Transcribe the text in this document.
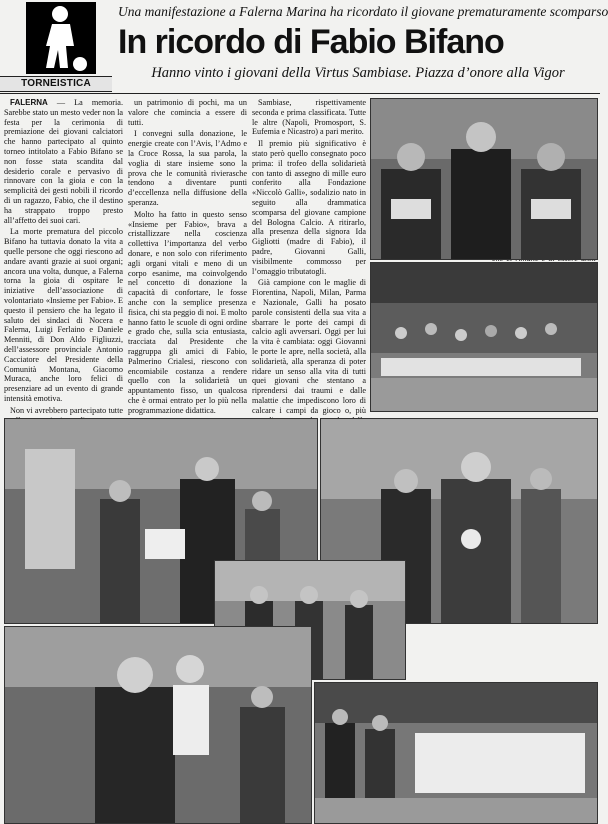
TORNEISTICA
Una manifestazione a Falerna Marina ha ricordato il giovane prematuramente scomparso
In ricordo di Fabio Bifano
Hanno vinto i giovani della Virtus Sambiase. Piazza d’onore alla Vigor

FALERNA — La memoria. Sarebbe stato un mesto veder non la festa per la cerimonia di premiazione dei giovani calciatori che hanno partecipato al quinto torneo intitolato a Fabio Bifano se non fosse stata scandita dal desiderio corale e pervasivo di rinnovare con la gioia e con la semplicità dei gesti nobili il ricordo di un ragazzo, Fabio, che il destino ha strappato troppo presto all’affetto dei suoi cari.

La morte prematura del piccolo Bifano ha tuttavia donato la vita a quelle persone che oggi riescono ad andare avanti grazie ai suoi organi; ancora una volta, dunque, a Falerna torna la gioia di ospitare le iniziative dell’associazione di volontariato «Insieme per Fabio». E questo il pensiero che ha legato il saluto dei sindaci di Nocera e Falerna, Luigi Ferlaino e Daniele Menniti, di Don Aldo Figliuzzi, dell’assessore provinciale Antonio Cacciatore del Presidente della Comunità Montana, Giacomo Muraca, anche loro felici di presenziare ad un evento di grande intensità emotiva.

Non vi avrebbero partecipato tutte

un patrimonio di pochi, ma un valore che comincia a essere di tutti.

I convegni sulla donazione, le energie create con l’Avis, l’Admo e la Croce Rossa, la sua parola, la voglia di stare insieme sono la prova che le comunità rivierasche tendono a diventare punti d’eccellenza nella diffusione della speranza.

Molto ha fatto in questo senso «Insieme per Fabio», brava a cristallizzare nella coscienza collettiva l’importanza del verbo donare, e non solo con riferimento agli organi vitali e meno di un corpo esanime, ma coinvolgendo nel concetto di donazione la capacità di confortare, le fosse anche con la semplice presenza fisica, chi sta peggio di noi. E molto hanno fatto le scuole di ogni ordine e grado che, sulla scia entusiasta, tracciata dal Presidente che raggruppa gli amici di Fabio, Palmerino Crialesi, riescono con encomiabile costanza a rendere quello con la solidarietà un appuntamento fisso, un qualcosa che è ormai entrato per lo più nella programmazione didattica.

Sambiase, rispettivamente seconda e prima classificata. Tutte le altre (Napoli, Promosport, S. Eufemia e Nicastro) a pari merito.

Il premio più significativo è stato però quello consegnato poco prima: il trofeo della solidarietà con tanto di assegno di mille euro conferito alla Fondazione «Niccolò Galli», sodalizio nato in seguito alla drammatica scomparsa del giovane campione del Bologna Calcio. A ritirarlo, alla presenza della signora Ida Gigliotti (madre di Fabio), il padre, Giovanni Galli, visibilmente commosso per l’omaggio tributatogli.

Già campione con le maglie di Fiorentina, Napoli, Milan, Parma e Nazionale, Galli ha posato parole consistenti della sua vita a sbarrare le porte dei campi di calcio agli avversari. Oggi per lui la vita è cambiata: oggi Giovanni le porte le apre, nella società, alla solidarietà, alla speranza di poter ridare un senso alla vita di tutti quei giovani che stentano a riprendersi dai traumi e dalle malattie che impediscono loro di calcare i campi da gioco o, più
